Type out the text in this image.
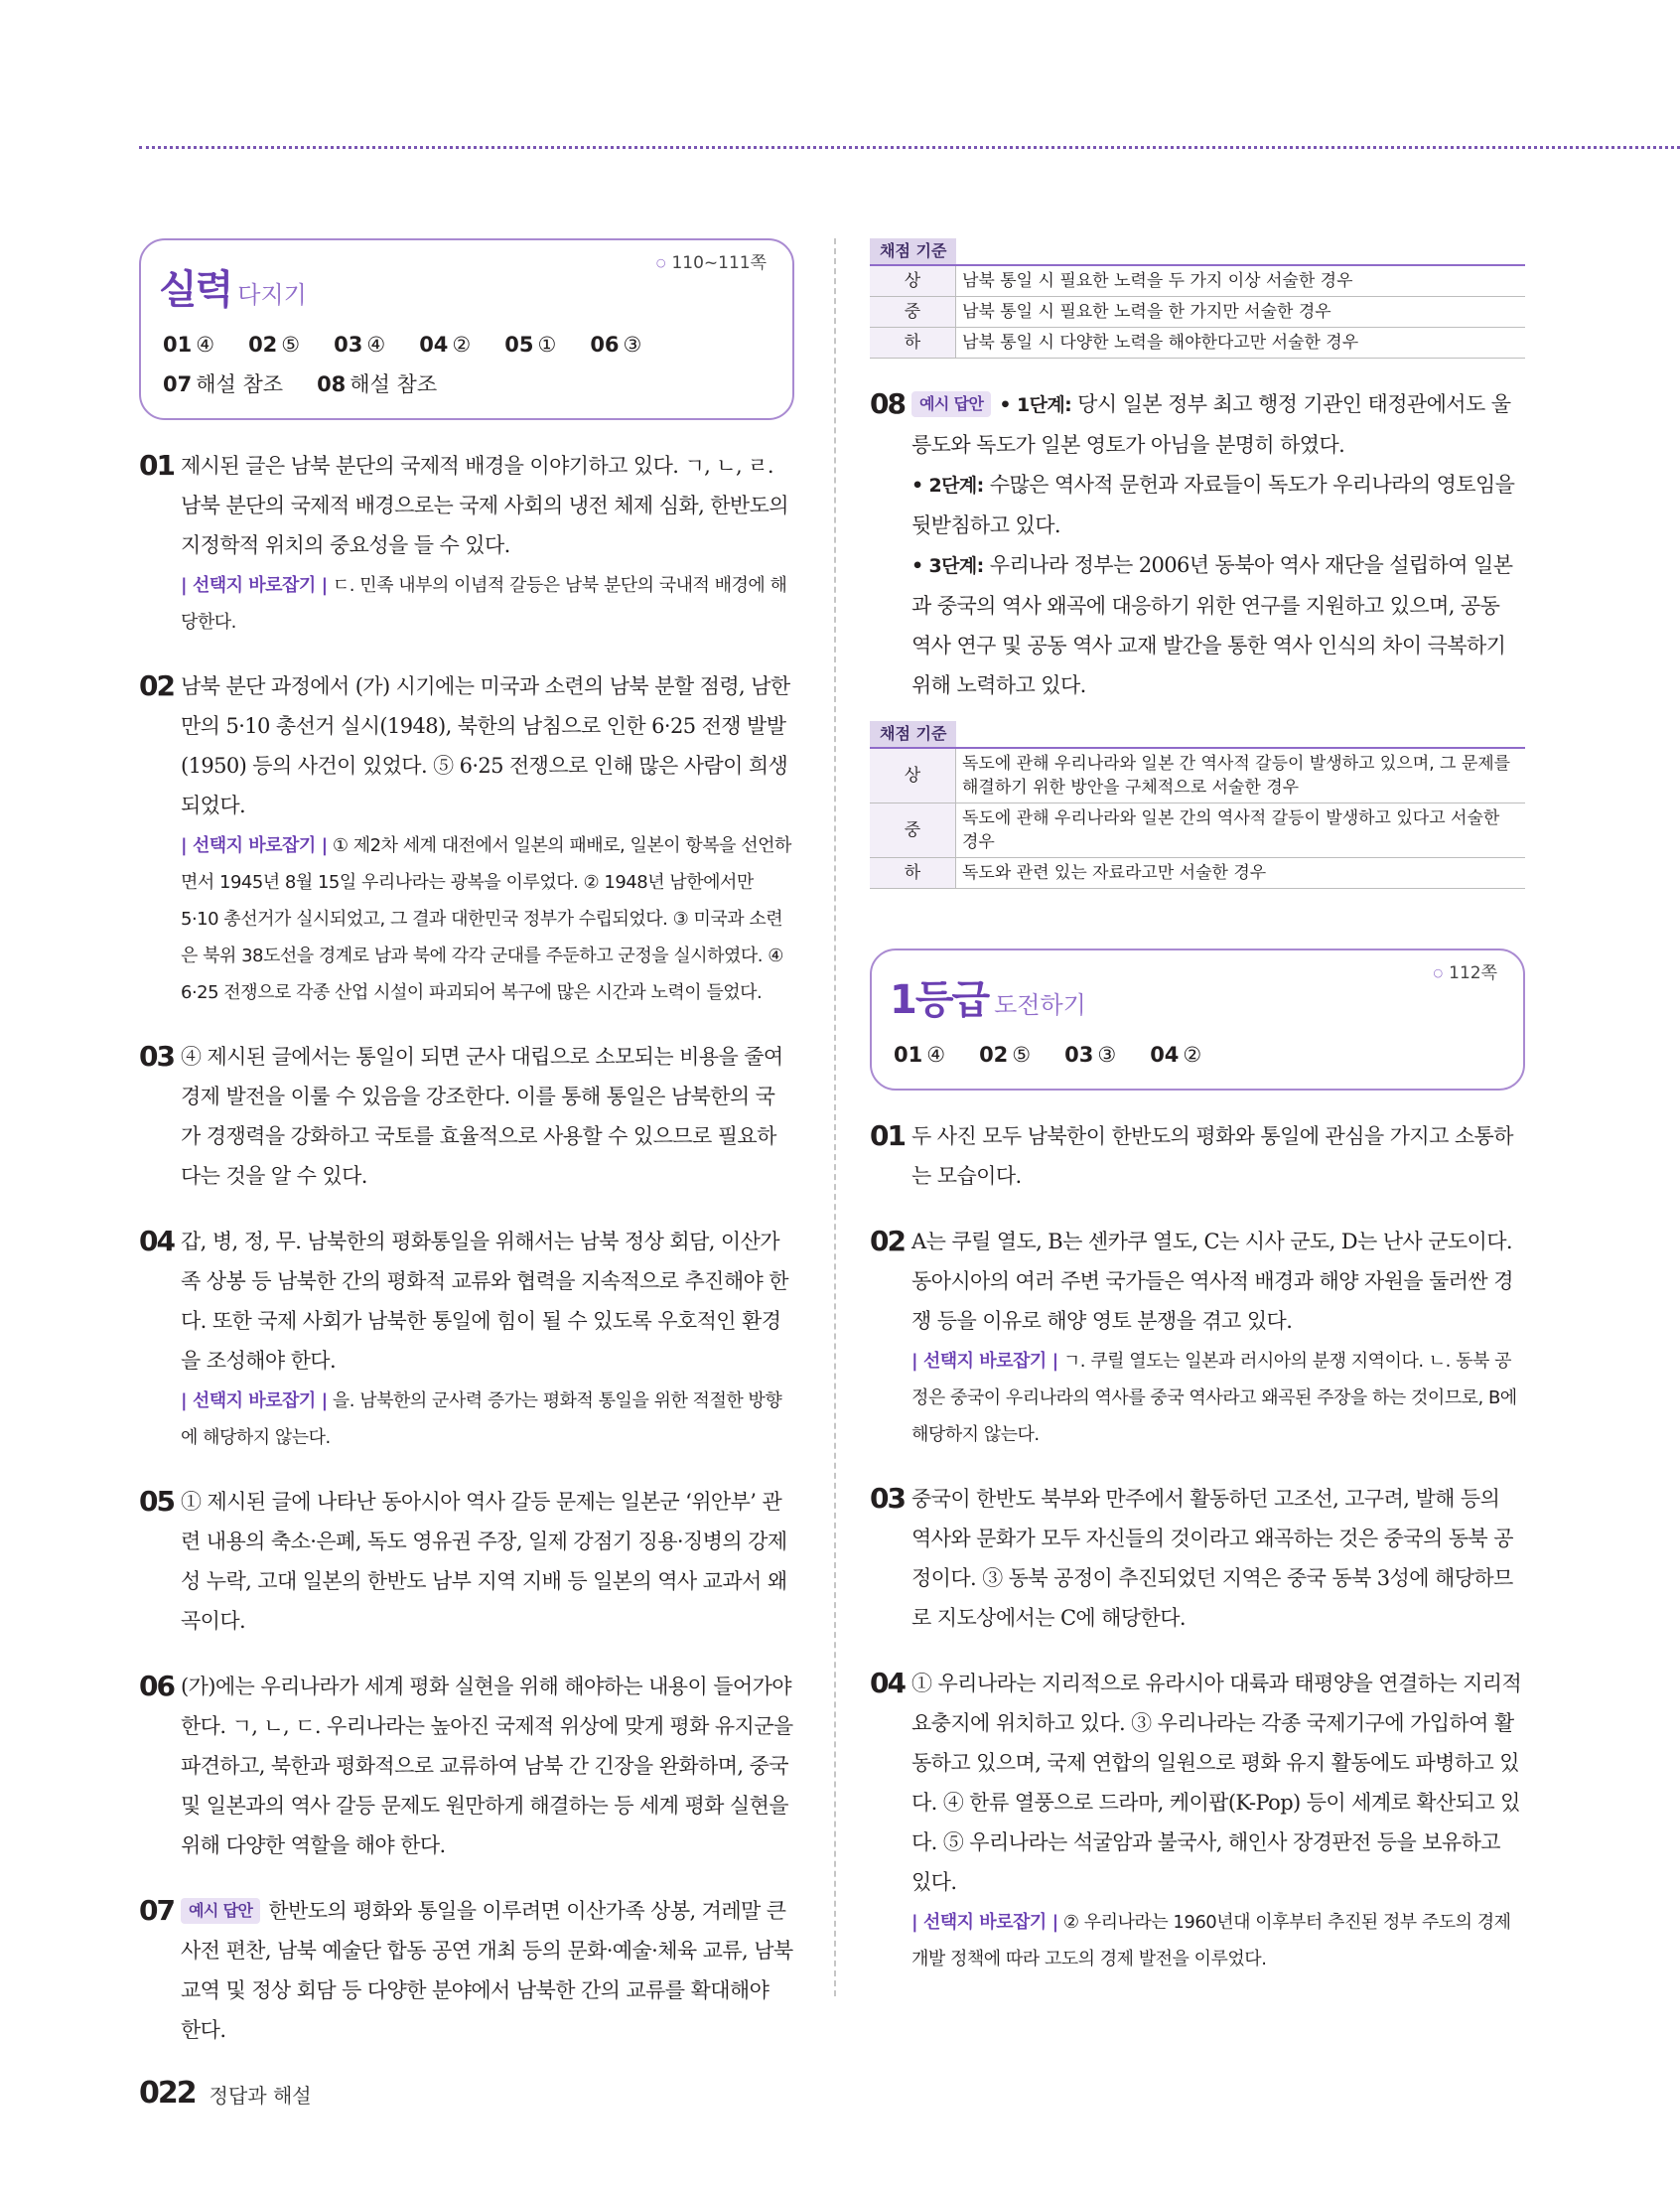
실력 다지기
○ 110~111쪽
01 ④ 02 ⑤ 03 ④ 04 ② 05 ① 06 ③
07 해설 참조 08 해설 참조
01 제시된 글은 남북 분단의 국제적 배경을 이야기하고 있다. ㄱ, ㄴ, ㄹ. 남북 분단의 국제적 배경으로는 국제 사회의 냉전 체제 심화, 한반도의 지정학적 위치의 중요성을 들 수 있다.
| 선택지 바로잡기 | ㄷ. 민족 내부의 이념적 갈등은 남북 분단의 국내적 배경에 해당한다.
02 남북 분단 과정에서 (가) 시기에는 미국과 소련의 남북 분할 점령, 남한만의 5·10 총선거 실시(1948), 북한의 남침으로 인한 6·25 전쟁 발발(1950) 등의 사건이 있었다. ⑤ 6·25 전쟁으로 인해 많은 사람이 희생되었다.
| 선택지 바로잡기 | ① 제2차 세계 대전에서 일본의 패배로, 일본이 항복을 선언하면서 1945년 8월 15일 우리나라는 광복을 이루었다. ② 1948년 남한에서만 5·10 총선거가 실시되었고, 그 결과 대한민국 정부가 수립되었다. ③ 미국과 소련은 북위 38도선을 경계로 남과 북에 각각 군대를 주둔하고 군정을 실시하였다. ④ 6·25 전쟁으로 각종 산업 시설이 파괴되어 복구에 많은 시간과 노력이 들었다.
03 ④ 제시된 글에서는 통일이 되면 군사 대립으로 소모되는 비용을 줄여 경제 발전을 이룰 수 있음을 강조한다. 이를 통해 통일은 남북한의 국가 경쟁력을 강화하고 국토를 효율적으로 사용할 수 있으므로 필요하다는 것을 알 수 있다.
04 갑, 병, 정, 무. 남북한의 평화통일을 위해서는 남북 정상 회담, 이산가족 상봉 등 남북한 간의 평화적 교류와 협력을 지속적으로 추진해야 한다. 또한 국제 사회가 남북한 통일에 힘이 될 수 있도록 우호적인 환경을 조성해야 한다.
| 선택지 바로잡기 | 을. 남북한의 군사력 증가는 평화적 통일을 위한 적절한 방향에 해당하지 않는다.
05 ① 제시된 글에 나타난 동아시아 역사 갈등 문제는 일본군 ‘위안부’ 관련 내용의 축소·은폐, 독도 영유권 주장, 일제 강점기 징용·징병의 강제성 누락, 고대 일본의 한반도 남부 지역 지배 등 일본의 역사 교과서 왜곡이다.
06 (가)에는 우리나라가 세계 평화 실현을 위해 해야하는 내용이 들어가야 한다. ㄱ, ㄴ, ㄷ. 우리나라는 높아진 국제적 위상에 맞게 평화 유지군을 파견하고, 북한과 평화적으로 교류하여 남북 간 긴장을 완화하며, 중국 및 일본과의 역사 갈등 문제도 원만하게 해결하는 등 세계 평화 실현을 위해 다양한 역할을 해야 한다.
07 예시 답안 한반도의 평화와 통일을 이루려면 이산가족 상봉, 겨레말 큰 사전 편찬, 남북 예술단 합동 공연 개최 등의 문화·예술·체육 교류, 남북 교역 및 정상 회담 등 다양한 분야에서 남북한 간의 교류를 확대해야 한다.
채점 기준
상	남북 통일 시 필요한 노력을 두 가지 이상 서술한 경우
중	남북 통일 시 필요한 노력을 한 가지만 서술한 경우
하	남북 통일 시 다양한 노력을 해야한다고만 서술한 경우
08 예시 답안 • 1단계: 당시 일본 정부 최고 행정 기관인 태정관에서도 울릉도와 독도가 일본 영토가 아님을 분명히 하였다.
• 2단계: 수많은 역사적 문헌과 자료들이 독도가 우리나라의 영토임을 뒷받침하고 있다.
• 3단계: 우리나라 정부는 2006년 동북아 역사 재단을 설립하여 일본과 중국의 역사 왜곡에 대응하기 위한 연구를 지원하고 있으며, 공동 역사 연구 및 공동 역사 교재 발간을 통한 역사 인식의 차이 극복하기 위해 노력하고 있다.
채점 기준
상	독도에 관해 우리나라와 일본 간 역사적 갈등이 발생하고 있으며, 그 문제를 해결하기 위한 방안을 구체적으로 서술한 경우
중	독도에 관해 우리나라와 일본 간의 역사적 갈등이 발생하고 있다고 서술한 경우
하	독도와 관련 있는 자료라고만 서술한 경우
1등급 도전하기
○ 112쪽
01 ④ 02 ⑤ 03 ③ 04 ②
01 두 사진 모두 남북한이 한반도의 평화와 통일에 관심을 가지고 소통하는 모습이다.
02 A는 쿠릴 열도, B는 센카쿠 열도, C는 시사 군도, D는 난사 군도이다. 동아시아의 여러 주변 국가들은 역사적 배경과 해양 자원을 둘러싼 경쟁 등을 이유로 해양 영토 분쟁을 겪고 있다.
| 선택지 바로잡기 | ㄱ. 쿠릴 열도는 일본과 러시아의 분쟁 지역이다. ㄴ. 동북 공정은 중국이 우리나라의 역사를 중국 역사라고 왜곡된 주장을 하는 것이므로, B에 해당하지 않는다.
03 중국이 한반도 북부와 만주에서 활동하던 고조선, 고구려, 발해 등의 역사와 문화가 모두 자신들의 것이라고 왜곡하는 것은 중국의 동북 공정이다. ③ 동북 공정이 추진되었던 지역은 중국 동북 3성에 해당하므로 지도상에서는 C에 해당한다.
04 ① 우리나라는 지리적으로 유라시아 대륙과 태평양을 연결하는 지리적 요충지에 위치하고 있다. ③ 우리나라는 각종 국제기구에 가입하여 활동하고 있으며, 국제 연합의 일원으로 평화 유지 활동에도 파병하고 있다. ④ 한류 열풍으로 드라마, 케이팝(K-Pop) 등이 세계로 확산되고 있다. ⑤ 우리나라는 석굴암과 불국사, 해인사 장경판전 등을 보유하고 있다.
| 선택지 바로잡기 | ② 우리나라는 1960년대 이후부터 추진된 정부 주도의 경제 개발 정책에 따라 고도의 경제 발전을 이루었다.
022 정답과 해설
